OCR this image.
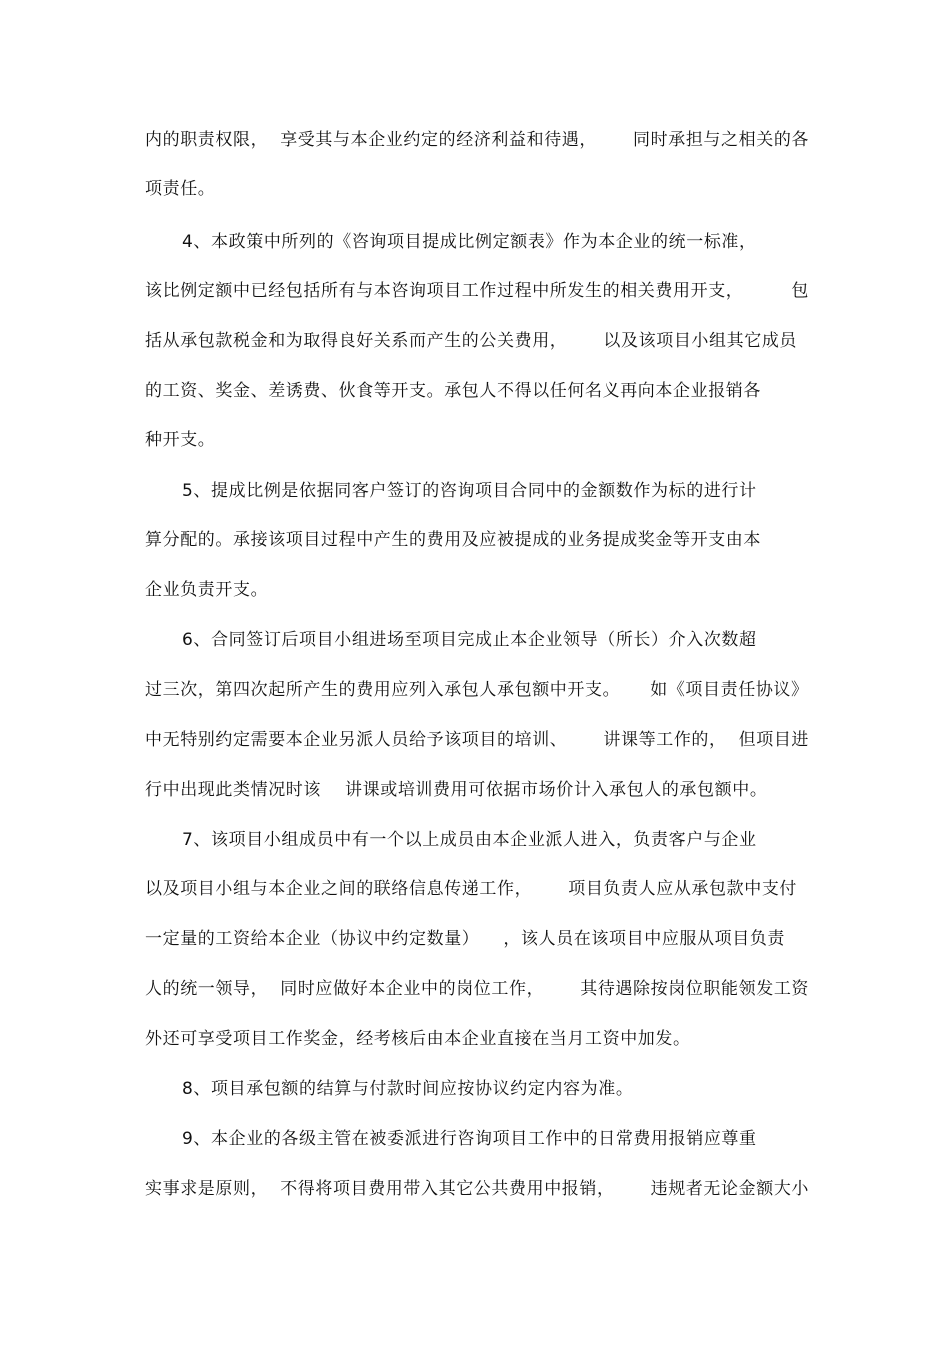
内的职责权限，  享受其与本企业约定的经济利益和待遇，      同时承担与之相关的各
项责任。
4、本政策中所列的《咨询项目提成比例定额表》作为本企业的统一标准，
该比例定额中已经包括所有与本咨询项目工作过程中所发生的相关费用开支，        包
括从承包款税金和为取得良好关系而产生的公关费用，      以及该项目小组其它成员
的工资、奖金、差诱费、伙食等开支。承包人不得以任何名义再向本企业报销各
种开支。
5、提成比例是依据同客户签订的咨询项目合同中的金额数作为标的进行计
算分配的。承接该项目过程中产生的费用及应被提成的业务提成奖金等开支由本
企业负责开支。
6、合同签订后项目小组进场至项目完成止本企业领导（所长）介入次数超
过三次，第四次起所产生的费用应列入承包人承包额中开支。     如《项目责任协议》
中无特别约定需要本企业另派人员给予该项目的培训、      讲课等工作的，  但项目进
行中出现此类情况时该    讲课或培训费用可依据市场价计入承包人的承包额中。
7、该项目小组成员中有一个以上成员由本企业派人进入，负责客户与企业
以及项目小组与本企业之间的联络信息传递工作，      项目负责人应从承包款中支付
一定量的工资给本企业（协议中约定数量）    ，该人员在该项目中应服从项目负责
人的统一领导，  同时应做好本企业中的岗位工作，      其待遇除按岗位职能领发工资
外还可享受项目工作奖金，经考核后由本企业直接在当月工资中加发。
8、项目承包额的结算与付款时间应按协议约定内容为准。
9、本企业的各级主管在被委派进行咨询项目工作中的日常费用报销应尊重
实事求是原则，  不得将项目费用带入其它公共费用中报销，      违规者无论金额大小
